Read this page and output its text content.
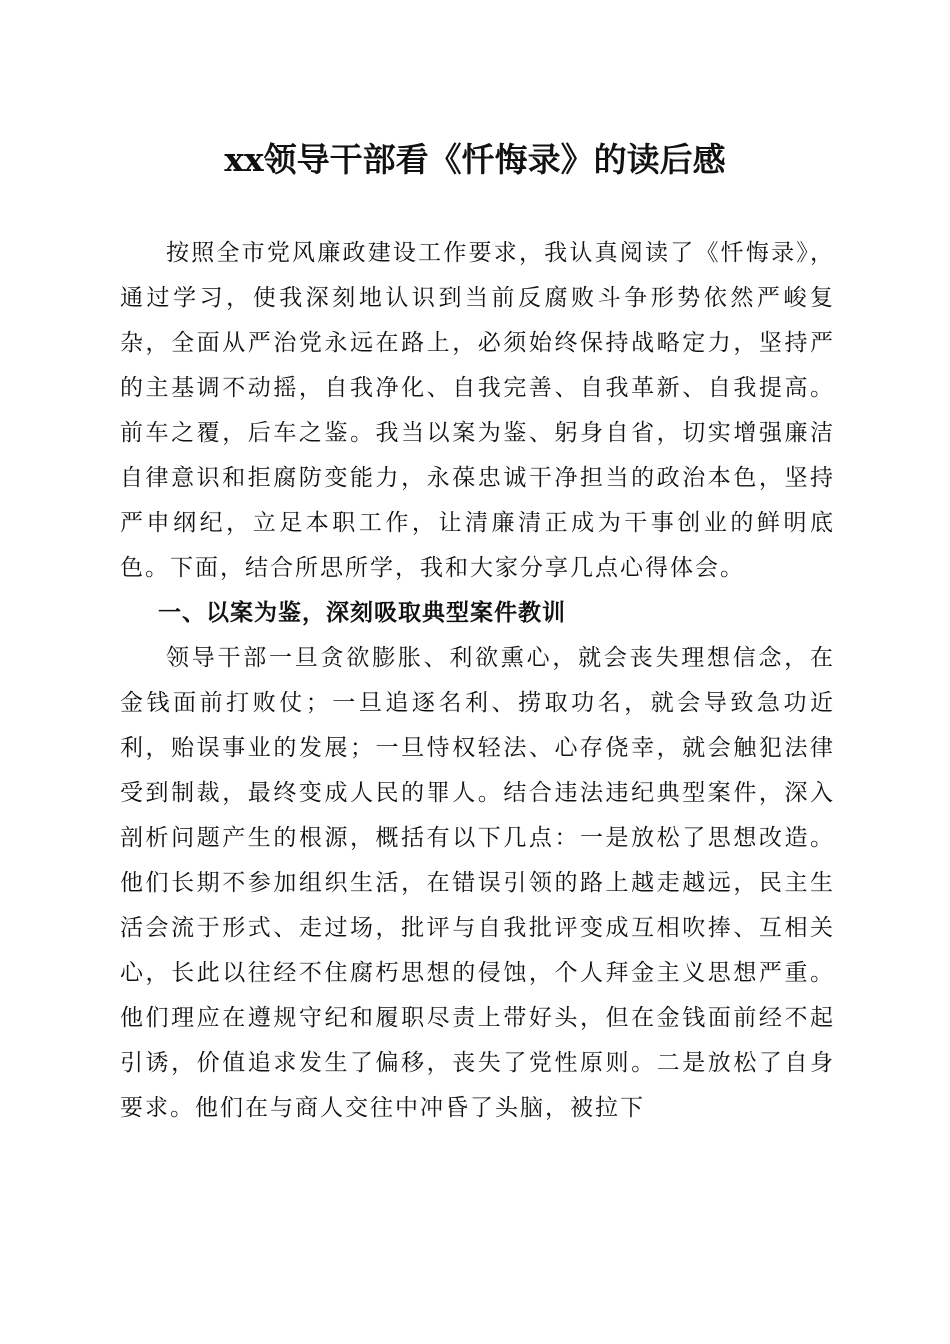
xx领导干部看《忏悔录》的读后感

按照全市党风廉政建设工作要求，我认真阅读了《忏悔录》，通过学习，使我深刻地认识到当前反腐败斗争形势依然严峻复杂，全面从严治党永远在路上，必须始终保持战略定力，坚持严的主基调不动摇，自我净化、自我完善、自我革新、自我提高。前车之覆，后车之鉴。我当以案为鉴、躬身自省，切实增强廉洁自律意识和拒腐防变能力，永葆忠诚干净担当的政治本色，坚持严申纲纪，立足本职工作，让清廉清正成为干事创业的鲜明底色。下面，结合所思所学，我和大家分享几点心得体会。

一、以案为鉴，深刻吸取典型案件教训

领导干部一旦贪欲膨胀、利欲熏心，就会丧失理想信念，在金钱面前打败仗；一旦追逐名利、捞取功名，就会导致急功近利，贻误事业的发展；一旦恃权轻法、心存侥幸，就会触犯法律受到制裁，最终变成人民的罪人。结合违法违纪典型案件，深入剖析问题产生的根源，概括有以下几点：一是放松了思想改造。他们长期不参加组织生活，在错误引领的路上越走越远，民主生活会流于形式、走过场，批评与自我批评变成互相吹捧、互相关心，长此以往经不住腐朽思想的侵蚀，个人拜金主义思想严重。他们理应在遵规守纪和履职尽责上带好头，但在金钱面前经不起引诱，价值追求发生了偏移，丧失了党性原则。二是放松了自身要求。他们在与商人交往中冲昏了头脑，被拉下
